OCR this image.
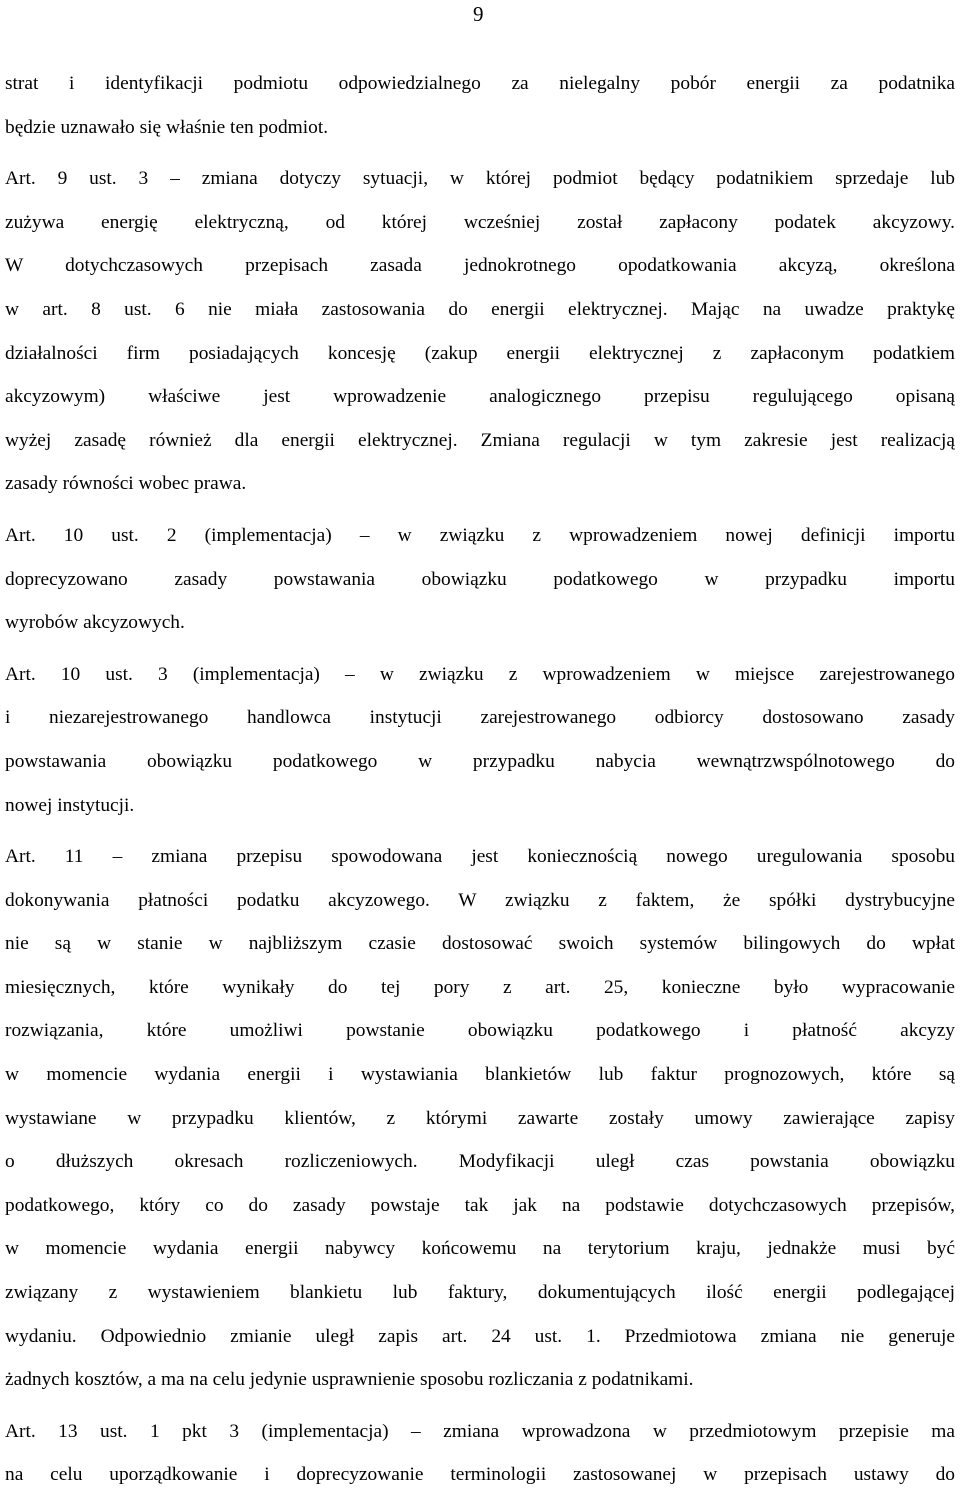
9
strat i identyfikacji podmiotu odpowiedzialnego za nielegalny pobór energii za podatnika
będzie uznawało się właśnie ten podmiot.
Art. 9 ust. 3 – zmiana dotyczy sytuacji, w której podmiot będący podatnikiem sprzedaje lub
zużywa energię elektryczną, od której wcześniej został zapłacony podatek akcyzowy.
W dotychczasowych przepisach zasada jednokrotnego opodatkowania akcyzą, określona
w art. 8 ust. 6 nie miała zastosowania do energii elektrycznej. Mając na uwadze praktykę
działalności firm posiadających koncesję (zakup energii elektrycznej z zapłaconym podatkiem
akcyzowym) właściwe jest wprowadzenie analogicznego przepisu regulującego opisaną
wyżej zasadę również dla energii elektrycznej. Zmiana regulacji w tym zakresie jest realizacją
zasady równości wobec prawa.
Art. 10 ust. 2 (implementacja) – w związku z wprowadzeniem nowej definicji importu
doprecyzowano zasady powstawania obowiązku podatkowego w przypadku importu
wyrobów akcyzowych.
Art. 10 ust. 3 (implementacja) – w związku z wprowadzeniem w miejsce zarejestrowanego
i niezarejestrowanego handlowca instytucji zarejestrowanego odbiorcy dostosowano zasady
powstawania obowiązku podatkowego w przypadku nabycia wewnątrzwspólnotowego do
nowej instytucji.
Art. 11 – zmiana przepisu spowodowana jest koniecznością nowego uregulowania sposobu
dokonywania płatności podatku akcyzowego. W związku z faktem, że spółki dystrybucyjne
nie są w stanie w najbliższym czasie dostosować swoich systemów bilingowych do wpłat
miesięcznych, które wynikały do tej pory z art. 25, konieczne było wypracowanie
rozwiązania, które umożliwi powstanie obowiązku podatkowego i płatność akcyzy
w momencie wydania energii i wystawiania blankietów lub faktur prognozowych, które są
wystawiane w przypadku klientów, z którymi zawarte zostały umowy zawierające zapisy
o dłuższych okresach rozliczeniowych. Modyfikacji uległ czas powstania obowiązku
podatkowego, który co do zasady powstaje tak jak na podstawie dotychczasowych przepisów,
w momencie wydania energii nabywcy końcowemu na terytorium kraju, jednakże musi być
związany z wystawieniem blankietu lub faktury, dokumentujących ilość energii podlegającej
wydaniu. Odpowiednio zmianie uległ zapis art. 24 ust. 1. Przedmiotowa zmiana nie generuje
żadnych kosztów, a ma na celu jedynie usprawnienie sposobu rozliczania z podatnikami.
Art. 13 ust. 1 pkt 3 (implementacja) – zmiana wprowadzona w przedmiotowym przepisie ma
na celu uporządkowanie i doprecyzowanie terminologii zastosowanej w przepisach ustawy do
